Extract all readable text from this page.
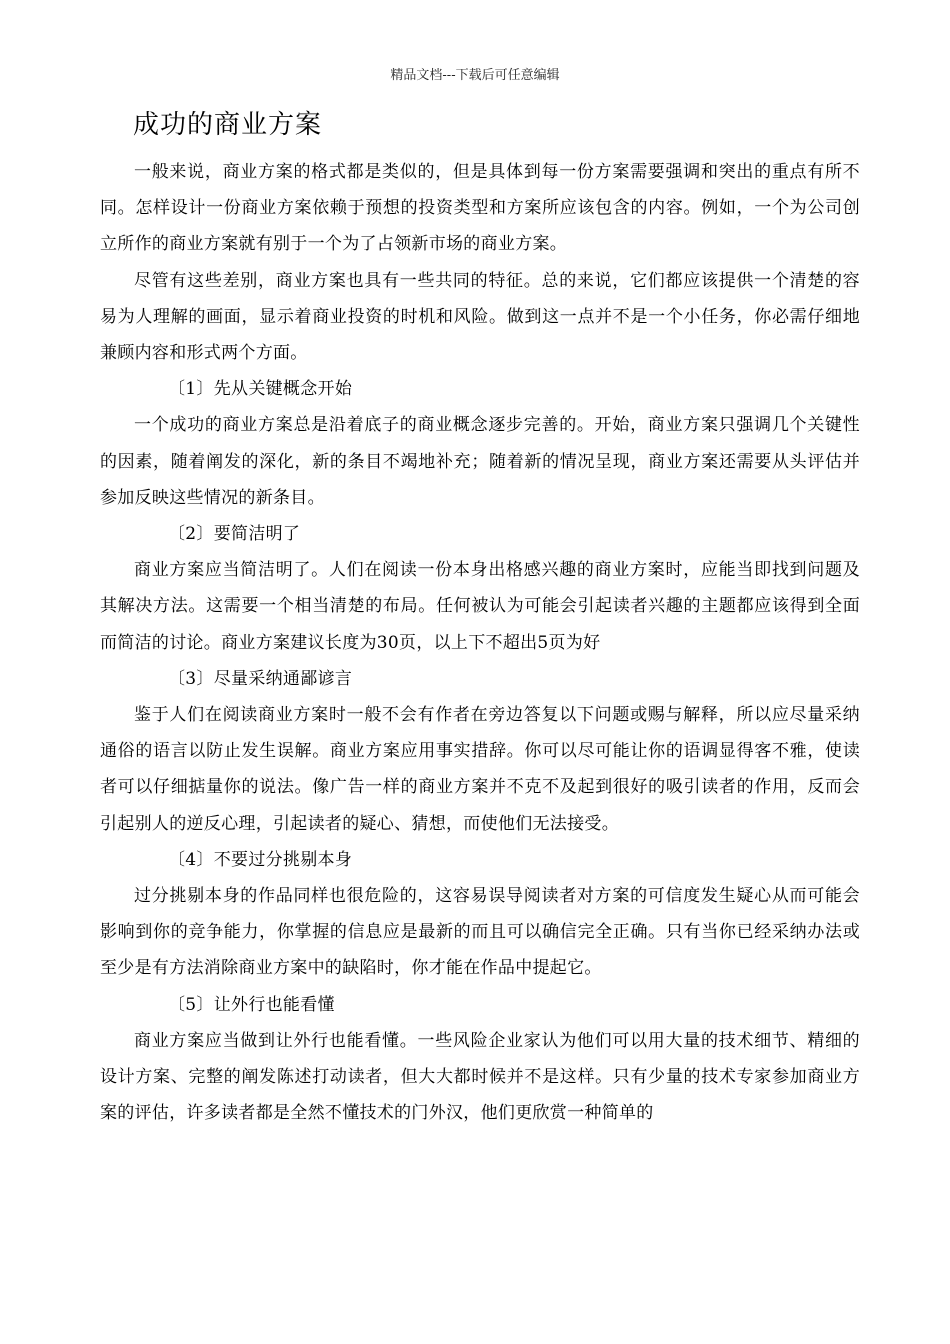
精品文档---下载后可任意编辑
成功的商业方案

一般来说，商业方案的格式都是类似的，但是具体到每一份方案需要强调和突出的重点有所不同。怎样设计一份商业方案依赖于预想的投资类型和方案所应该包含的内容。例如，一个为公司创立所作的商业方案就有别于一个为了占领新市场的商业方案。

尽管有这些差别，商业方案也具有一些共同的特征。总的来说，它们都应该提供一个清楚的容易为人理解的画面，显示着商业投资的时机和风险。做到这一点并不是一个小任务，你必需仔细地兼顾内容和形式两个方面。

〔1〕先从关键概念开始

一个成功的商业方案总是沿着底子的商业概念逐步完善的。开始，商业方案只强调几个关键性的因素，随着阐发的深化，新的条目不竭地补充；随着新的情况呈现，商业方案还需要从头评估并参加反映这些情况的新条目。

〔2〕要简洁明了

商业方案应当简洁明了。人们在阅读一份本身出格感兴趣的商业方案时，应能当即找到问题及其解决方法。这需要一个相当清楚的布局。任何被认为可能会引起读者兴趣的主题都应该得到全面而简洁的讨论。商业方案建议长度为30页，以上下不超出5页为好

〔3〕尽量采纳通鄙谚言

鉴于人们在阅读商业方案时一般不会有作者在旁边答复以下问题或赐与解释，所以应尽量采纳通俗的语言以防止发生误解。商业方案应用事实措辞。你可以尽可能让你的语调显得客不雅，使读者可以仔细掂量你的说法。像广告一样的商业方案并不克不及起到很好的吸引读者的作用，反而会引起别人的逆反心理，引起读者的疑心、猜想，而使他们无法接受。

〔4〕不要过分挑剔本身

过分挑剔本身的作品同样也很危险的，这容易误导阅读者对方案的可信度发生疑心从而可能会影响到你的竞争能力，你掌握的信息应是最新的而且可以确信完全正确。只有当你已经采纳办法或至少是有方法消除商业方案中的缺陷时，你才能在作品中提起它。

〔5〕让外行也能看懂

商业方案应当做到让外行也能看懂。一些风险企业家认为他们可以用大量的技术细节、精细的设计方案、完整的阐发陈述打动读者，但大大都时候并不是这样。只有少量的技术专家参加商业方案的评估，许多读者都是全然不懂技术的门外汉，他们更欣赏一种简单的
